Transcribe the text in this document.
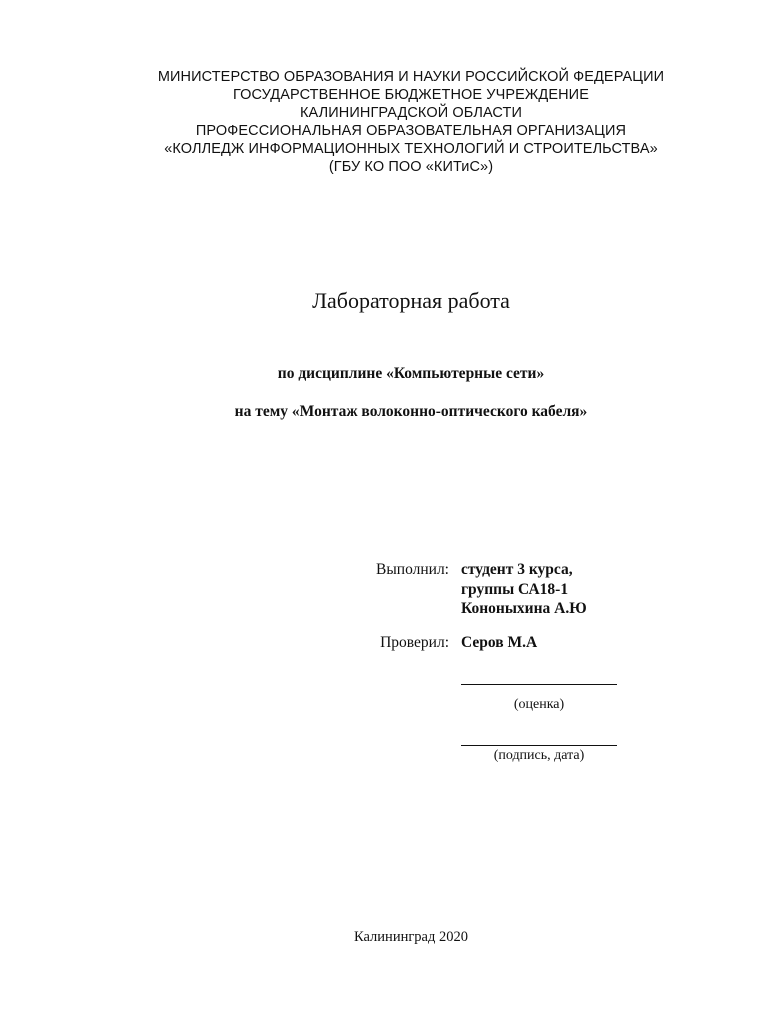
МИНИСТЕРСТВО ОБРАЗОВАНИЯ И НАУКИ РОССИЙСКОЙ ФЕДЕРАЦИИ
ГОСУДАРСТВЕННОЕ БЮДЖЕТНОЕ УЧРЕЖДЕНИЕ
КАЛИНИНГРАДСКОЙ ОБЛАСТИ
ПРОФЕССИОНАЛЬНАЯ ОБРАЗОВАТЕЛЬНАЯ ОРГАНИЗАЦИЯ
«КОЛЛЕДЖ ИНФОРМАЦИОННЫХ ТЕХНОЛОГИЙ И СТРОИТЕЛЬСТВА»
(ГБУ КО ПОО «КИТиС»)
Лабораторная работа
по дисциплине «Компьютерные сети»
на тему «Монтаж волоконно-оптического кабеля»
Выполнил: студент 3 курса,
группы СА18-1
Кононыхина А.Ю
Проверил: Серов М.А
(оценка)
(подпись, дата)
Калининград 2020
